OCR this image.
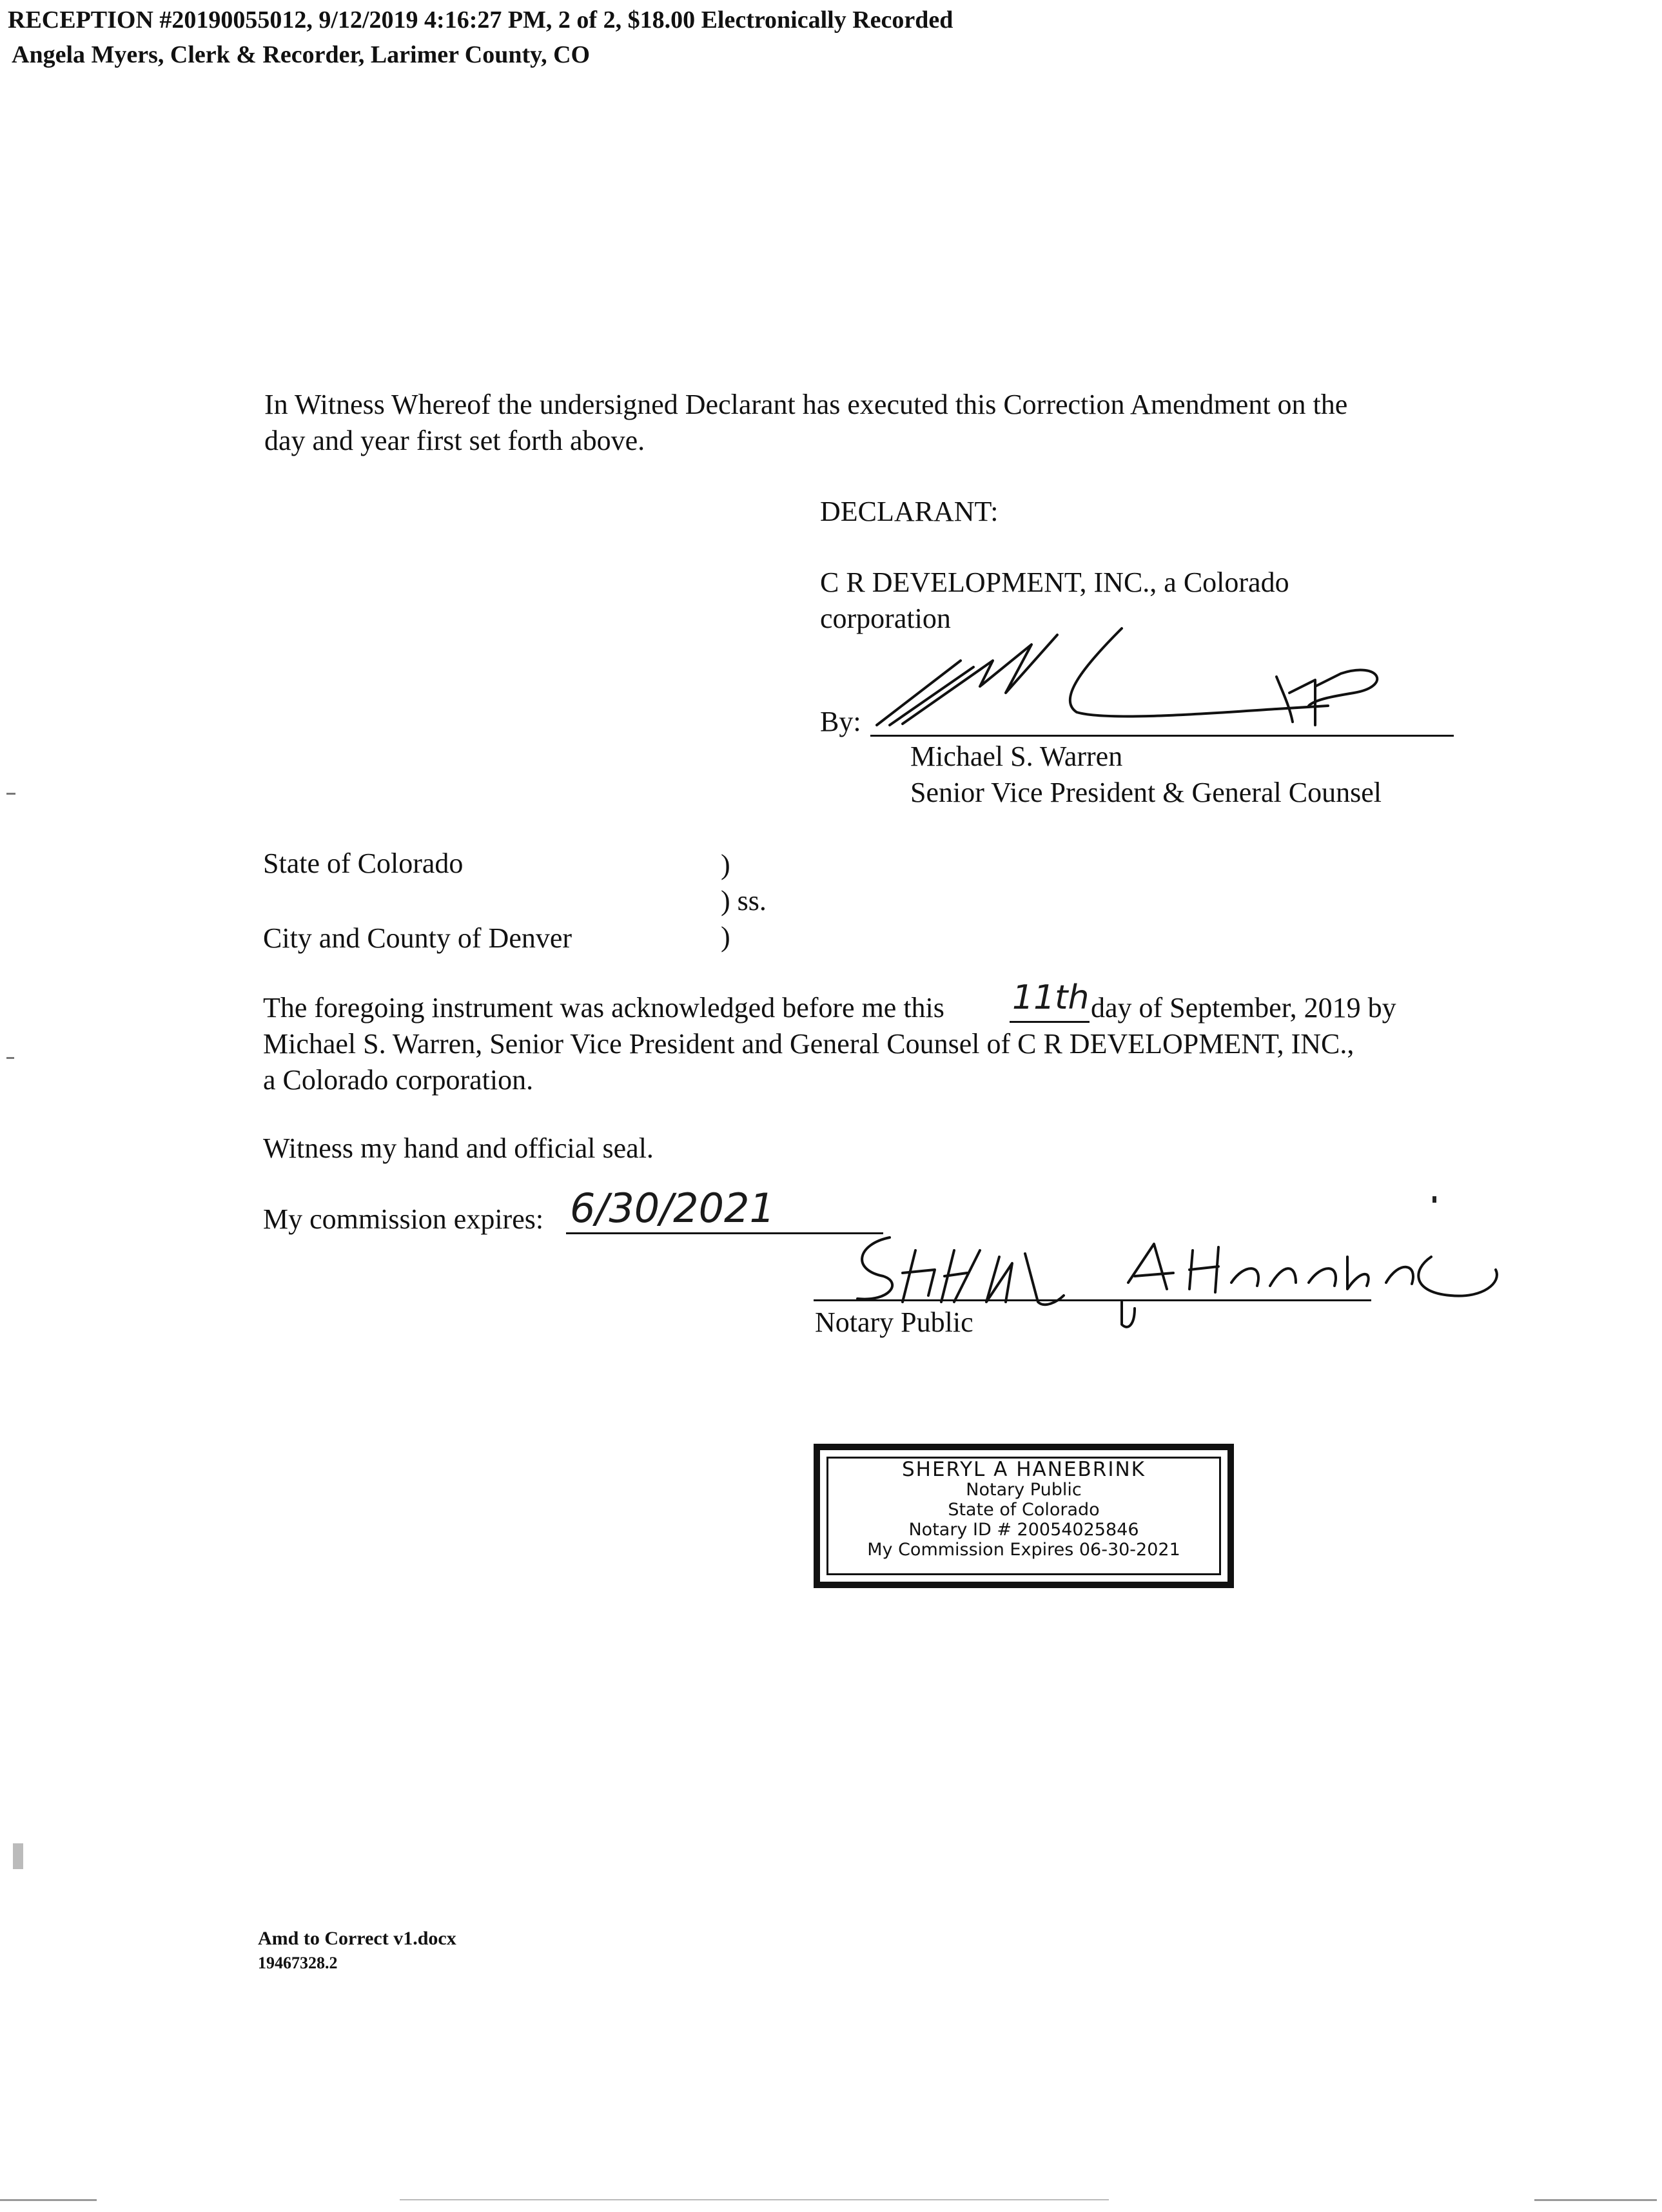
RECEPTION #20190055012, 9/12/2019 4:16:27 PM, 2 of 2, $18.00 Electronically Recorded
Angela Myers, Clerk & Recorder, Larimer County, CO
In Witness Whereof the undersigned Declarant has executed this Correction Amendment on the
day and year first set forth above.
DECLARANT:
C R DEVELOPMENT, INC., a Colorado
corporation
By:
Michael S. Warren
Senior Vice President & General Counsel
State of Colorado
City and County of Denver
)
) ss.
)
The foregoing instrument was acknowledged before me this 11th day of September, 2019 by
Michael S. Warren, Senior Vice President and General Counsel of C R DEVELOPMENT, INC.,
a Colorado corporation.
Witness my hand and official seal.
My commission expires: 6/30/2021
Notary Public
SHERYL A HANEBRINK
Notary Public
State of Colorado
Notary ID # 20054025846
My Commission Expires 06-30-2021
Amd to Correct v1.docx
19467328.2
